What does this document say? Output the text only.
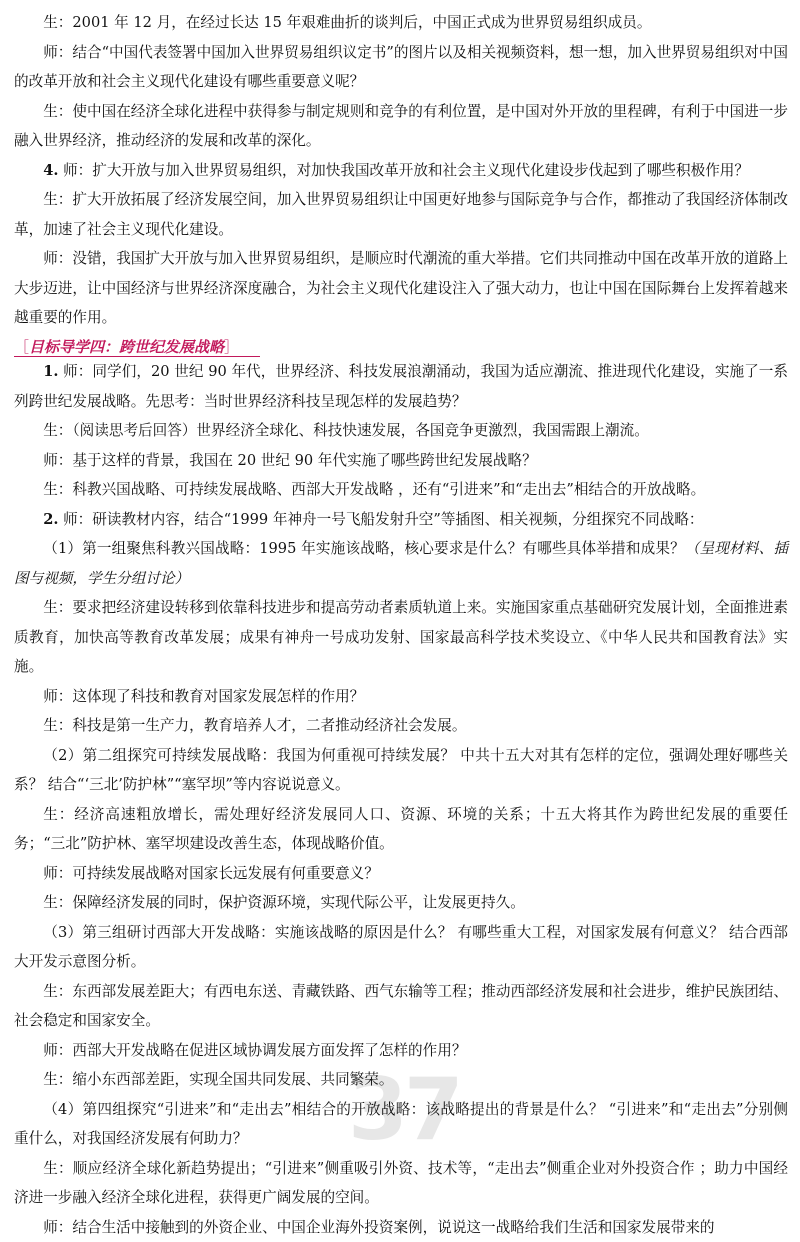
生：2001 年 12 月，在经过长达 15 年艰难曲折的谈判后，中国正式成为世界贸易组织成员。

师：结合“中国代表签署中国加入世界贸易组织议定书”的图片以及相关视频资料，想一想，加入世界贸易组织对中国的改革开放和社会主义现代化建设有哪些重要意义呢？

生：使中国在经济全球化进程中获得参与制定规则和竞争的有利位置，是中国对外开放的里程碑，有利于中国进一步融入世界经济，推动经济的发展和改革的深化。

4. 师：扩大开放与加入世界贸易组织，对加快我国改革开放和社会主义现代化建设步伐起到了哪些积极作用？

生：扩大开放拓展了经济发展空间，加入世界贸易组织让中国更好地参与国际竞争与合作，都推动了我国经济体制改革，加速了社会主义现代化建设。

师：没错，我国扩大开放与加入世界贸易组织，是顺应时代潮流的重大举措。它们共同推动中国在改革开放的道路上大步迈进，让中国经济与世界经济深度融合，为社会主义现代化建设注入了强大动力，也让中国在国际舞台上发挥着越来越重要的作用。

［目标导学四：跨世纪发展战略］

1. 师：同学们，20 世纪 90 年代，世界经济、科技发展浪潮涌动，我国为适应潮流、推进现代化建设，实施了一系列跨世纪发展战略。先思考：当时世界经济科技呈现怎样的发展趋势？

生：（阅读思考后回答）世界经济全球化、科技快速发展，各国竞争更激烈，我国需跟上潮流。

师：基于这样的背景，我国在 20 世纪 90 年代实施了哪些跨世纪发展战略？

生：科教兴国战略、可持续发展战略、西部大开发战略 ，还有“引进来”和“走出去”相结合的开放战略。

2. 师：研读教材内容，结合“1999 年神舟一号飞船发射升空”等插图、相关视频，分组探究不同战略：

（1）第一组聚焦科教兴国战略：1995 年实施该战略，核心要求是什么？有哪些具体举措和成果？（呈现材料、插图与视频，学生分组讨论）

生：要求把经济建设转移到依靠科技进步和提高劳动者素质轨道上来。实施国家重点基础研究发展计划，全面推进素质教育，加快高等教育改革发展；成果有神舟一号成功发射、国家最高科学技术奖设立、《中华人民共和国教育法》实施。

师：这体现了科技和教育对国家发展怎样的作用？

生：科技是第一生产力，教育培养人才，二者推动经济社会发展。

（2）第二组探究可持续发展战略：我国为何重视可持续发展？ 中共十五大对其有怎样的定位，强调处理好哪些关系？ 结合“‘三北’防护林”“塞罕坝”等内容说说意义。

生：经济高速粗放增长，需处理好经济发展同人口、资源、环境的关系；十五大将其作为跨世纪发展的重要任务；“三北”防护林、塞罕坝建设改善生态，体现战略价值。

师：可持续发展战略对国家长远发展有何重要意义？

生：保障经济发展的同时，保护资源环境，实现代际公平，让发展更持久。

（3）第三组研讨西部大开发战略：实施该战略的原因是什么？ 有哪些重大工程，对国家发展有何意义？ 结合西部大开发示意图分析。

生：东西部发展差距大；有西电东送、青藏铁路、西气东输等工程；推动西部经济发展和社会进步，维护民族团结、社会稳定和国家安全。

师：西部大开发战略在促进区域协调发展方面发挥了怎样的作用？

生：缩小东西部差距，实现全国共同发展、共同繁荣。

（4）第四组探究“引进来”和“走出去”相结合的开放战略：该战略提出的背景是什么？ “引进来”和“走出去”分别侧重什么，对我国经济发展有何助力？

生：顺应经济全球化新趋势提出；“引进来”侧重吸引外资、技术等，“走出去”侧重企业对外投资合作 ；助力中国经济进一步融入经济全球化进程，获得更广阔发展的空间。

师：结合生活中接触到的外资企业、中国企业海外投资案例，说说这一战略给我们生活和国家发展带来的

37
